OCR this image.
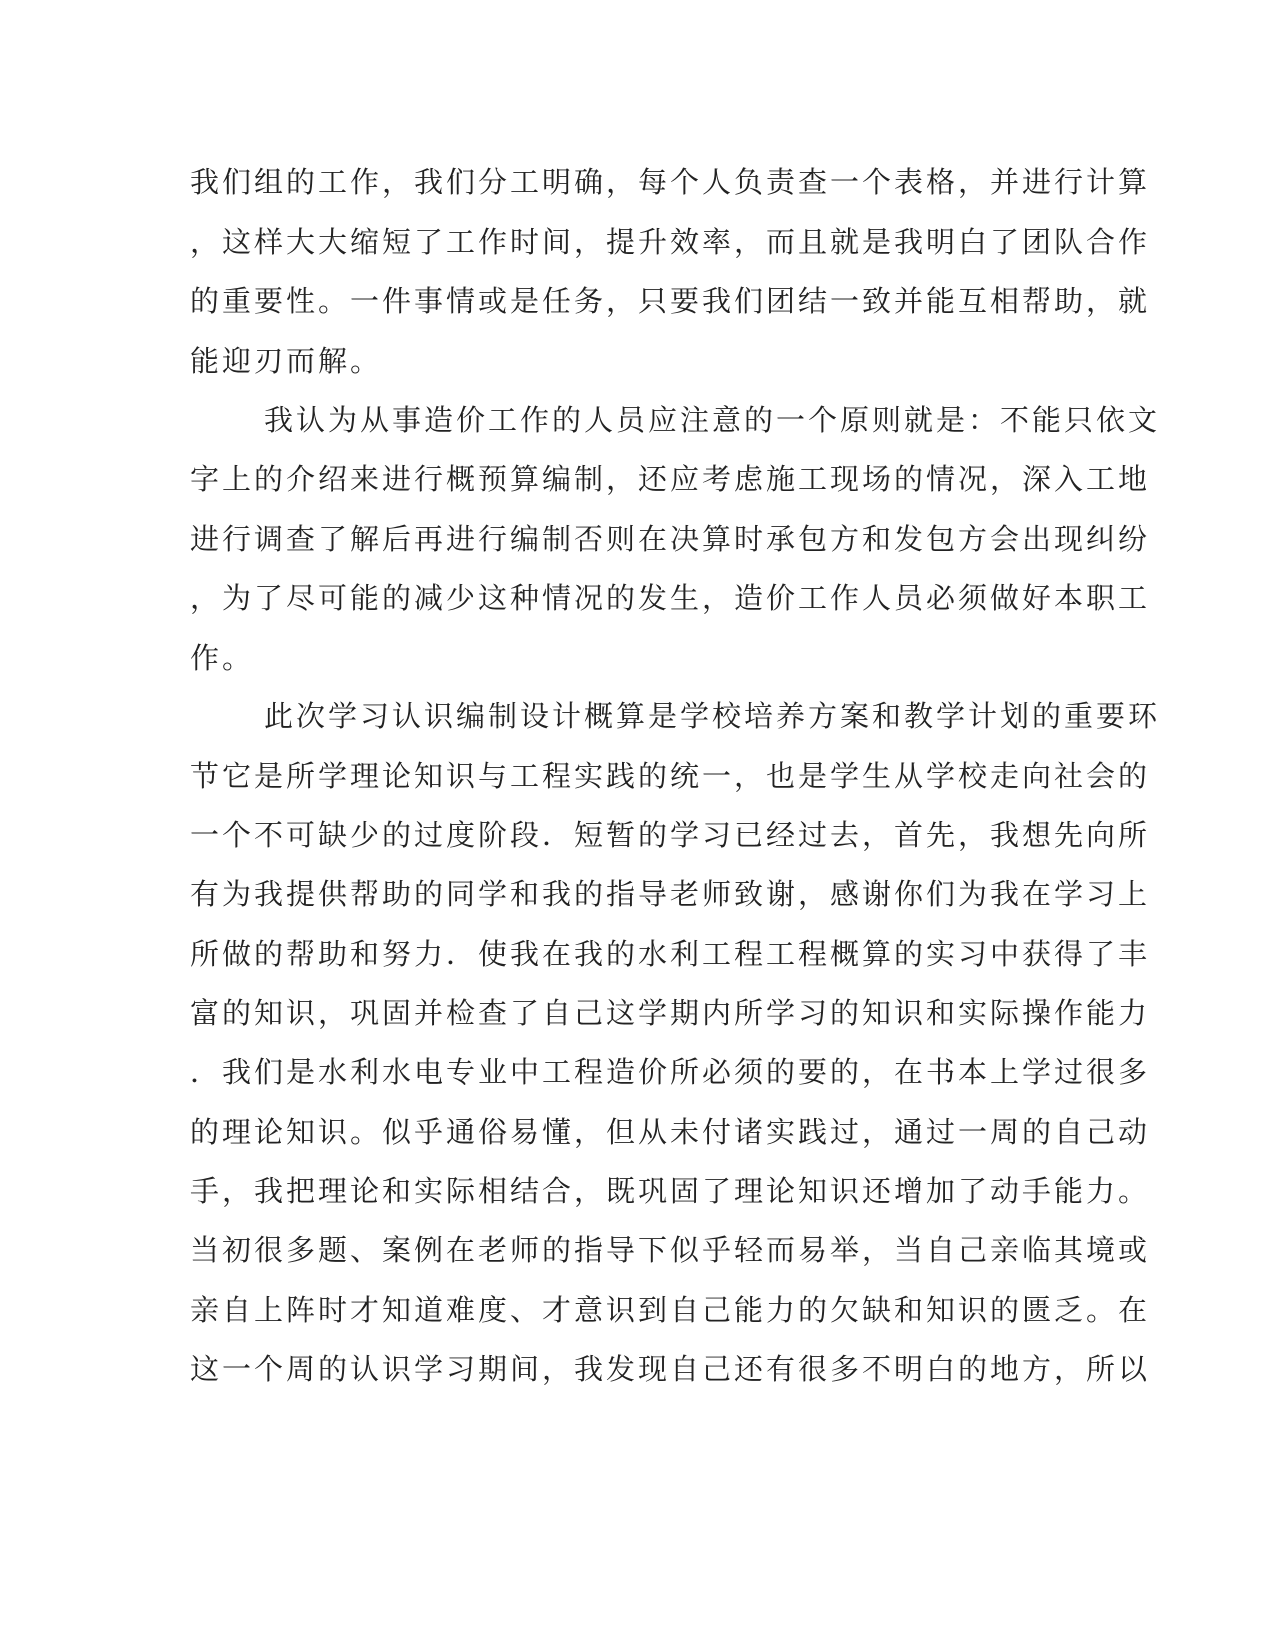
我们组的工作，我们分工明确，每个人负责查一个表格，并进行计算
，这样大大缩短了工作时间，提升效率，而且就是我明白了团队合作
的重要性。一件事情或是任务，只要我们团结一致并能互相帮助，就
能迎刃而解。
我认为从事造价工作的人员应注意的一个原则就是：不能只依文
字上的介绍来进行概预算编制，还应考虑施工现场的情况，深入工地
进行调查了解后再进行编制否则在决算时承包方和发包方会出现纠纷
，为了尽可能的减少这种情况的发生，造价工作人员必须做好本职工
作。
此次学习认识编制设计概算是学校培养方案和教学计划的重要环
节它是所学理论知识与工程实践的统一，也是学生从学校走向社会的
一个不可缺少的过度阶段．短暂的学习已经过去，首先，我想先向所
有为我提供帮助的同学和我的指导老师致谢，感谢你们为我在学习上
所做的帮助和努力．使我在我的水利工程工程概算的实习中获得了丰
富的知识，巩固并检查了自己这学期内所学习的知识和实际操作能力
．我们是水利水电专业中工程造价所必须的要的，在书本上学过很多
的理论知识。似乎通俗易懂，但从未付诸实践过，通过一周的自己动
手，我把理论和实际相结合，既巩固了理论知识还增加了动手能力。
当初很多题、案例在老师的指导下似乎轻而易举，当自己亲临其境或
亲自上阵时才知道难度、才意识到自己能力的欠缺和知识的匮乏。在
这一个周的认识学习期间，我发现自己还有很多不明白的地方，所以
